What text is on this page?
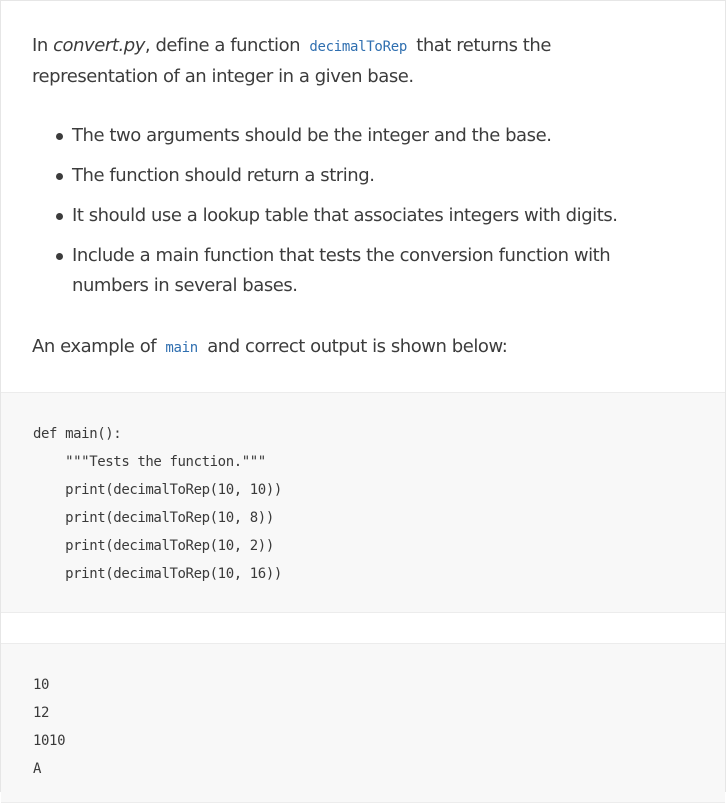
In convert.py, define a function decimalToRep that returns the representation of an integer in a given base.

The two arguments should be the integer and the base.
The function should return a string.
It should use a lookup table that associates integers with digits.
Include a main function that tests the conversion function with numbers in several bases.

An example of main and correct output is shown below:

def main():
"""Tests the function."""
print(decimalToRep(10, 10))
print(decimalToRep(10, 8))
print(decimalToRep(10, 2))
print(decimalToRep(10, 16))
10
12
1010
A
